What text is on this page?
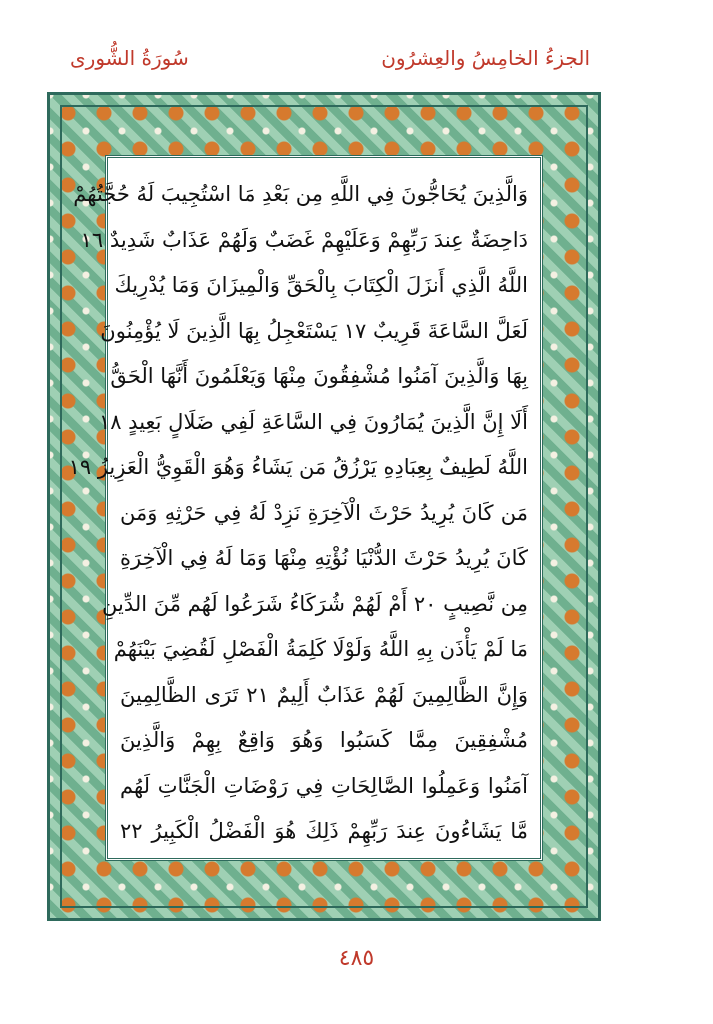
الجزءُ الخامِسُ والعِشرُون
سُورَةُ الشُّورى
وَالَّذِينَ يُحَاجُّونَ فِي اللَّهِ مِن بَعْدِ مَا اسْتُجِيبَ لَهُ حُجَّتُهُمْ
دَاحِضَةٌ عِندَ رَبِّهِمْ وَعَلَيْهِمْ غَضَبٌ وَلَهُمْ عَذَابٌ شَدِيدٌ ١٦
اللَّهُ الَّذِي أَنزَلَ الْكِتَابَ بِالْحَقِّ وَالْمِيزَانَ وَمَا يُدْرِيكَ
لَعَلَّ السَّاعَةَ قَرِيبٌ ١٧ يَسْتَعْجِلُ بِهَا الَّذِينَ لَا يُؤْمِنُونَ
بِهَا وَالَّذِينَ آمَنُوا مُشْفِقُونَ مِنْهَا وَيَعْلَمُونَ أَنَّهَا الْحَقُّ
أَلَا إِنَّ الَّذِينَ يُمَارُونَ فِي السَّاعَةِ لَفِي ضَلَالٍ بَعِيدٍ ١٨
اللَّهُ لَطِيفٌ بِعِبَادِهِ يَرْزُقُ مَن يَشَاءُ وَهُوَ الْقَوِيُّ الْعَزِيزُ ١٩
مَن كَانَ يُرِيدُ حَرْثَ الْآخِرَةِ نَزِدْ لَهُ فِي حَرْثِهِ وَمَن
كَانَ يُرِيدُ حَرْثَ الدُّنْيَا نُؤْتِهِ مِنْهَا وَمَا لَهُ فِي الْآخِرَةِ
مِن نَّصِيبٍ ٢٠ أَمْ لَهُمْ شُرَكَاءُ شَرَعُوا لَهُم مِّنَ الدِّينِ
مَا لَمْ يَأْذَن بِهِ اللَّهُ وَلَوْلَا كَلِمَةُ الْفَصْلِ لَقُضِيَ بَيْنَهُمْ
وَإِنَّ الظَّالِمِينَ لَهُمْ عَذَابٌ أَلِيمٌ ٢١ تَرَى الظَّالِمِينَ
مُشْفِقِينَ مِمَّا كَسَبُوا وَهُوَ وَاقِعٌ بِهِمْ وَالَّذِينَ
آمَنُوا وَعَمِلُوا الصَّالِحَاتِ فِي رَوْضَاتِ الْجَنَّاتِ لَهُم
مَّا يَشَاءُونَ عِندَ رَبِّهِمْ ذَلِكَ هُوَ الْفَضْلُ الْكَبِيرُ ٢٢
٤٨٥
